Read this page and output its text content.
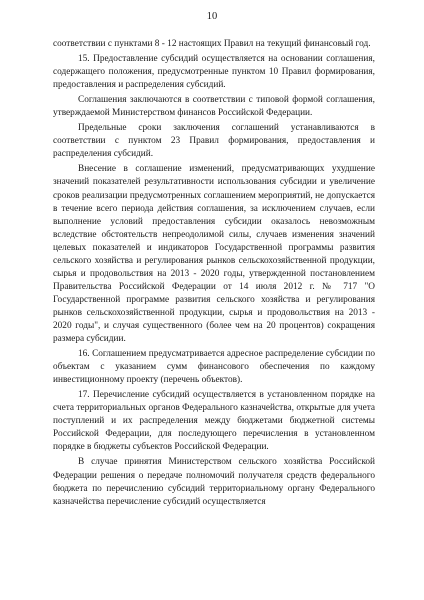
10

соответствии с пунктами 8 - 12 настоящих Правил на текущий финансовый год.

15. Предоставление субсидий осуществляется на основании соглашения, содержащего положения, предусмотренные пунктом 10 Правил формирования, предоставления и распределения субсидий.

Соглашения заключаются в соответствии с типовой формой соглашения, утверждаемой Министерством финансов Российской Федерации.

Предельные сроки заключения соглашений устанавливаются в соответствии с пунктом 23 Правил формирования, предоставления и распределения субсидий.

Внесение в соглашение изменений, предусматривающих ухудшение значений показателей результативности использования субсидии и увеличение сроков реализации предусмотренных соглашением мероприятий, не допускается в течение всего периода действия соглашения, за исключением случаев, если выполнение условий предоставления субсидии оказалось невозможным вследствие обстоятельств непреодолимой силы, случаев изменения значений целевых показателей и индикаторов Государственной программы развития сельского хозяйства и регулирования рынков сельскохозяйственной продукции, сырья и продовольствия на 2013 - 2020 годы, утвержденной постановлением Правительства Российской Федерации от 14 июля 2012 г. № 717 "О Государственной программе развития сельского хозяйства и регулирования рынков сельскохозяйственной продукции, сырья и продовольствия на 2013 - 2020 годы", и случая существенного (более чем на 20 процентов) сокращения размера субсидии.

16. Соглашением предусматривается адресное распределение субсидии по объектам с указанием сумм финансового обеспечения по каждому инвестиционному проекту (перечень объектов).

17. Перечисление субсидий осуществляется в установленном порядке на счета территориальных органов Федерального казначейства, открытые для учета поступлений и их распределения между бюджетами бюджетной системы Российской Федерации, для последующего перечисления в установленном порядке в бюджеты субъектов Российской Федерации.

В случае принятия Министерством сельского хозяйства Российской Федерации решения о передаче полномочий получателя средств федерального бюджета по перечислению субсидий территориальному органу Федерального казначейства перечисление субсидий осуществляется
